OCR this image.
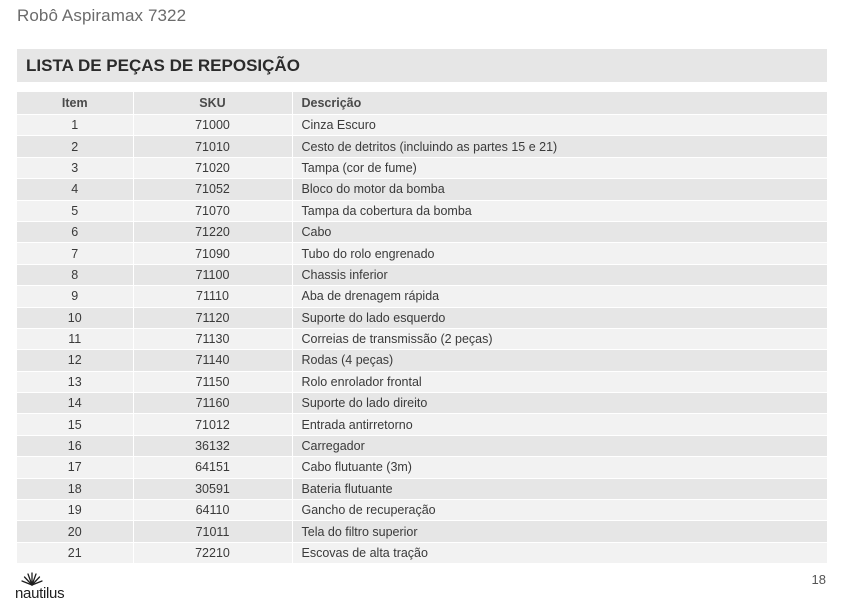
Robô Aspiramax 7322
LISTA DE PEÇAS DE REPOSIÇÃO
Item	SKU	Descrição
1	71000	Cinza Escuro
2	71010	Cesto de detritos (incluindo as partes 15 e 21)
3	71020	Tampa (cor de fume)
4	71052	Bloco do motor da bomba
5	71070	Tampa da cobertura da bomba
6	71220	Cabo
7	71090	Tubo do rolo engrenado
8	71100	Chassis inferior
9	71110	Aba de drenagem rápida
10	71120	Suporte do lado esquerdo
11	71130	Correias de transmissão (2 peças)
12	71140	Rodas (4 peças)
13	71150	Rolo enrolador frontal
14	71160	Suporte do lado direito
15	71012	Entrada antirretorno
16	36132	Carregador
17	64151	Cabo flutuante (3m)
18	30591	Bateria flutuante
19	64110	Gancho de recuperação
20	71011	Tela do filtro superior
21	72210	Escovas de alta tração
nautilus
18
